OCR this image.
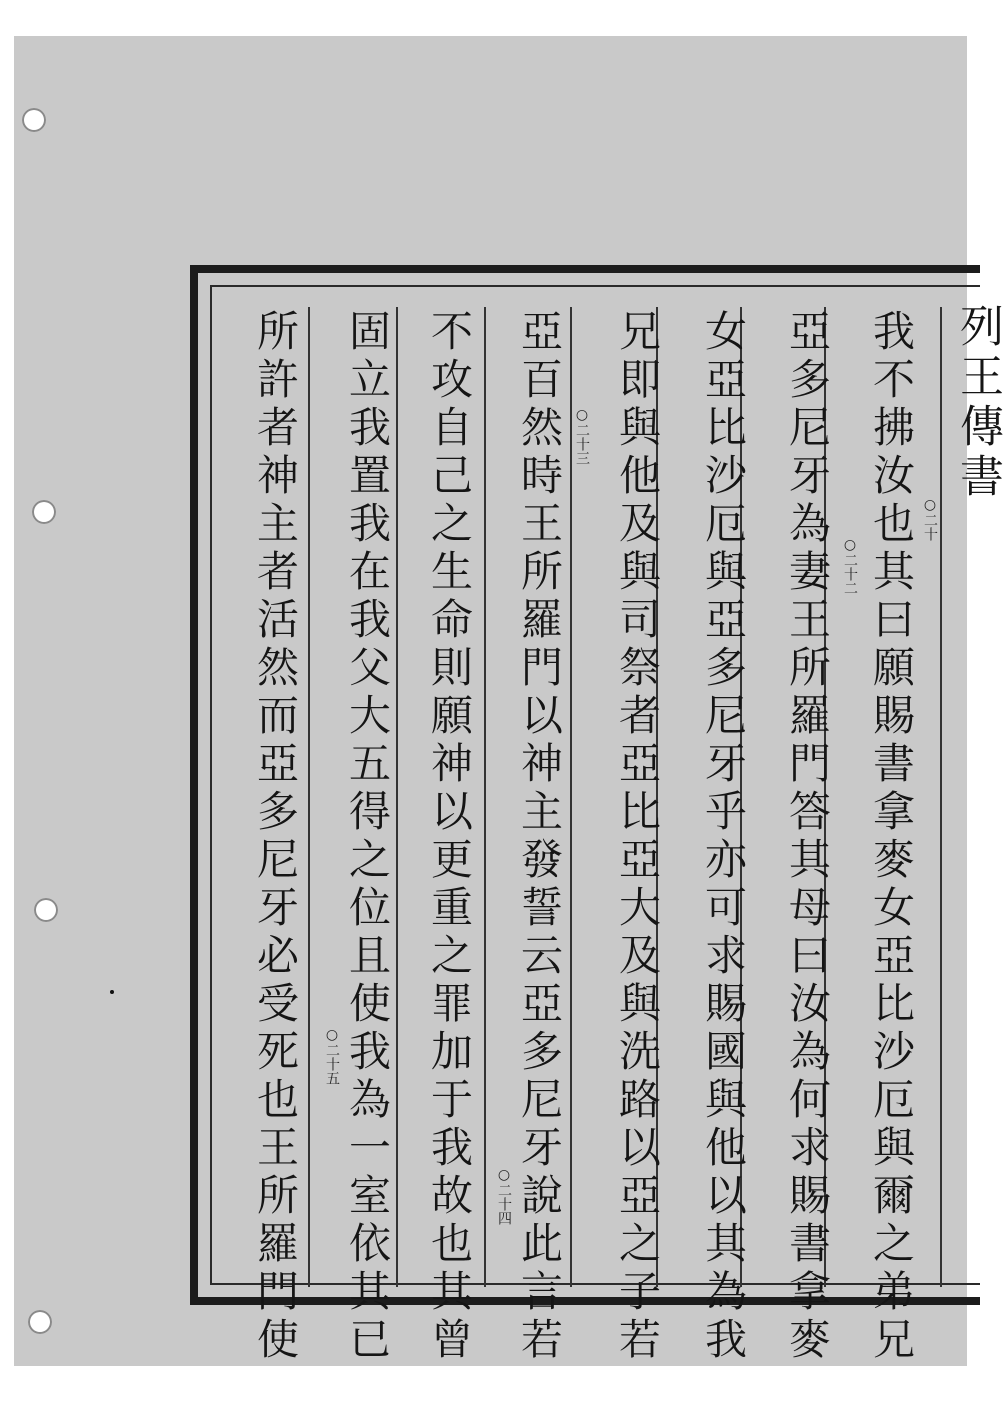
列王傳書
我不拂汝也其曰願賜書拿麥女亞比沙厄與爾之弟兄
亞多尼牙為妻王所羅門答其母曰汝為何求賜書拿麥
女亞比沙厄與亞多尼牙乎亦可求賜國與他以其為我
兄即與他及與司祭者亞比亞大及與洗路以亞之子若
亞百然時王所羅門以神主發誓云亞多尼牙說此言若
不攻自己之生命則願神以更重之罪加于我故也其曾
固立我置我在我父大五得之位且使我為一室依其已
所許者神主者活然而亞多尼牙必受死也王所羅門使	○二十
○二十二
○二十三
○二十四
○二十五
